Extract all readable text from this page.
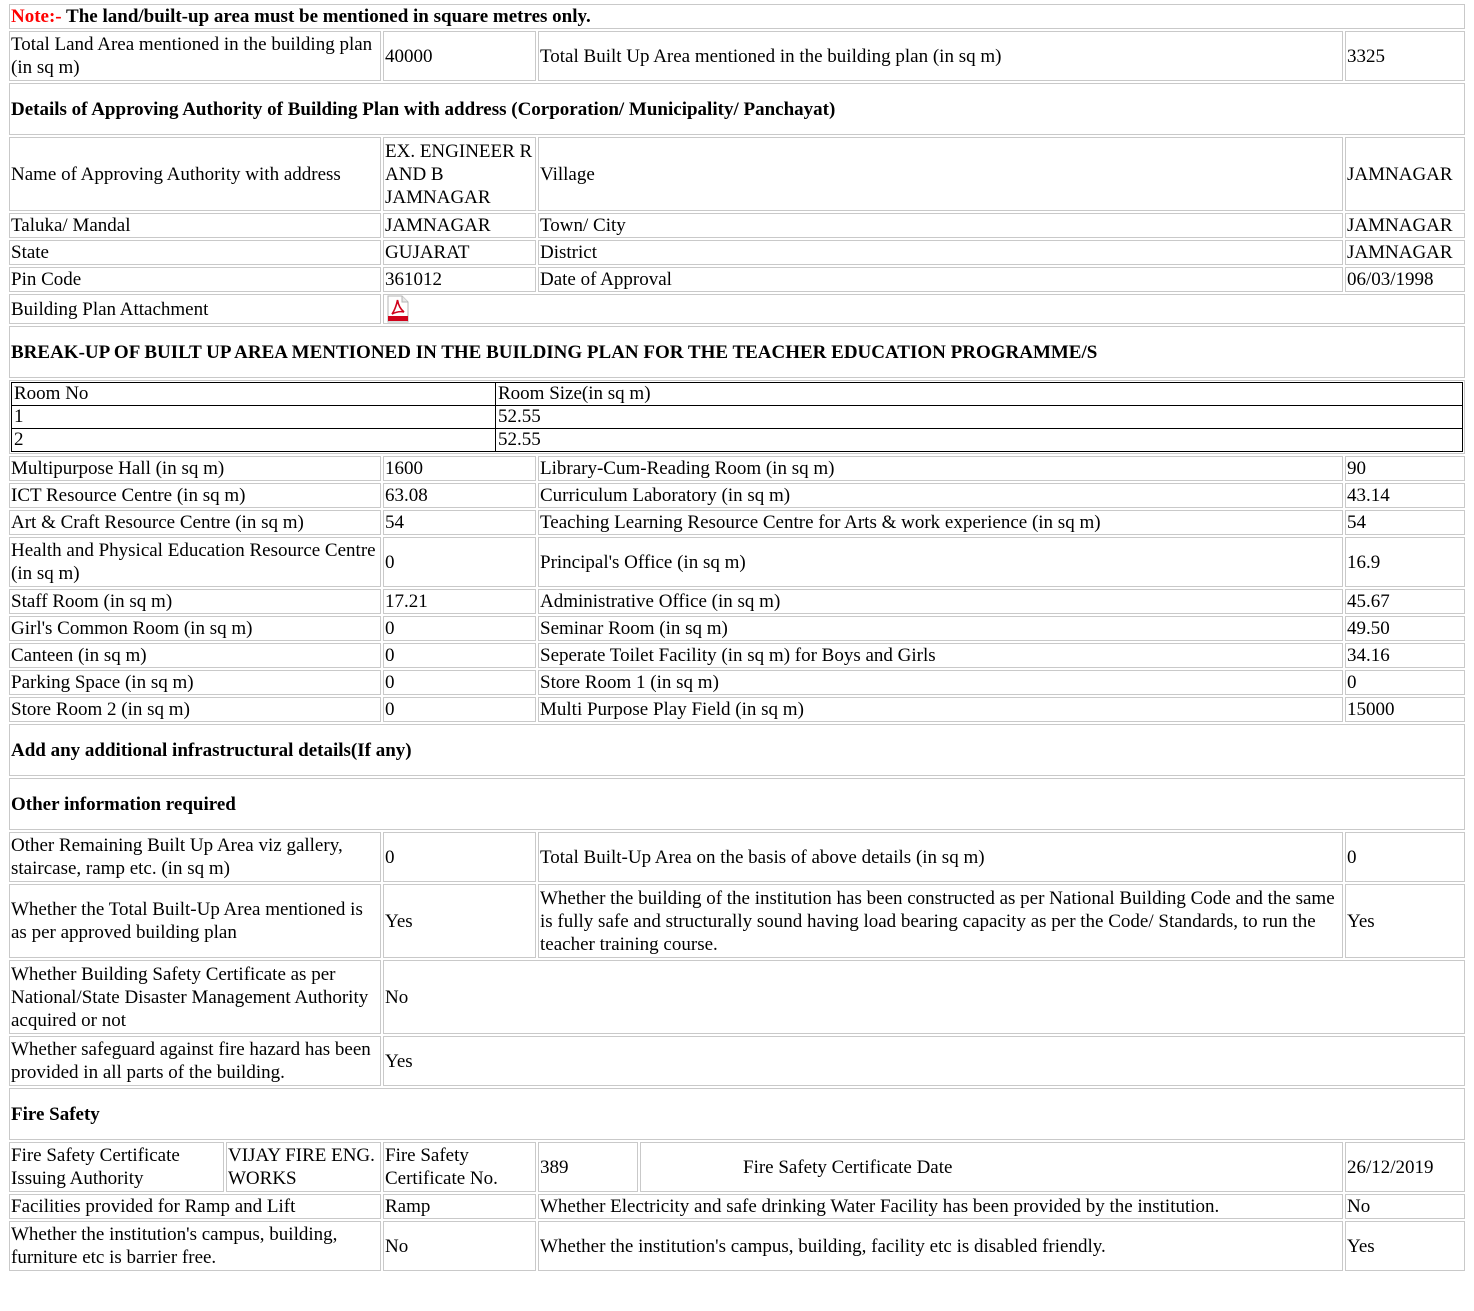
Note:- The land/built-up area must be mentioned in square metres only.
Total Land Area mentioned in the building plan (in sq m)	40000	Total Built Up Area mentioned in the building plan (in sq m)	3325
Details of Approving Authority of Building Plan with address (Corporation/ Municipality/ Panchayat)
Name of Approving Authority with address	EX. ENGINEER R AND B JAMNAGAR	Village	JAMNAGAR
Taluka/ Mandal	JAMNAGAR	Town/ City	JAMNAGAR
State	GUJARAT	District	JAMNAGAR
Pin Code	361012	Date of Approval	06/03/1998
Building Plan Attachment	
BREAK-UP OF BUILT UP AREA MENTIONED IN THE BUILDING PLAN FOR THE TEACHER EDUCATION PROGRAMME/S

Room No	Room Size(in sq m)
1	52.55
2	52.55

Multipurpose Hall (in sq m)	1600	Library-Cum-Reading Room (in sq m)	90
ICT Resource Centre (in sq m)	63.08	Curriculum Laboratory (in sq m)	43.14
Art & Craft Resource Centre (in sq m)	54	Teaching Learning Resource Centre for Arts & work experience (in sq m)	54
Health and Physical Education Resource Centre (in sq m)	0	Principal's Office (in sq m)	16.9
Staff Room (in sq m)	17.21	Administrative Office (in sq m)	45.67
Girl's Common Room (in sq m)	0	Seminar Room (in sq m)	49.50
Canteen (in sq m)	0	Seperate Toilet Facility (in sq m) for Boys and Girls	34.16
Parking Space (in sq m)	0	Store Room 1 (in sq m)	0
Store Room 2 (in sq m)	0	Multi Purpose Play Field (in sq m)	15000
Add any additional infrastructural details(If any)
Other information required
Other Remaining Built Up Area viz gallery, staircase, ramp etc. (in sq m)	0	Total Built-Up Area on the basis of above details (in sq m)	0
Whether the Total Built-Up Area mentioned is as per approved building plan	Yes	Whether the building of the institution has been constructed as per National Building Code and the same is fully safe and structurally sound having load bearing capacity as per the Code/ Standards, to run the teacher training course.	Yes
Whether Building Safety Certificate as per National/State Disaster Management Authority acquired or not	No
Whether safeguard against fire hazard has been provided in all parts of the building.	Yes
Fire Safety
Fire Safety Certificate Issuing Authority	VIJAY FIRE ENG. WORKS	Fire Safety Certificate No.	389	Fire Safety Certificate Date	26/12/2019
Facilities provided for Ramp and Lift	Ramp	Whether Electricity and safe drinking Water Facility has been provided by the institution.	No
Whether the institution's campus, building, furniture etc is barrier free.	No	Whether the institution's campus, building, facility etc is disabled friendly.	Yes
